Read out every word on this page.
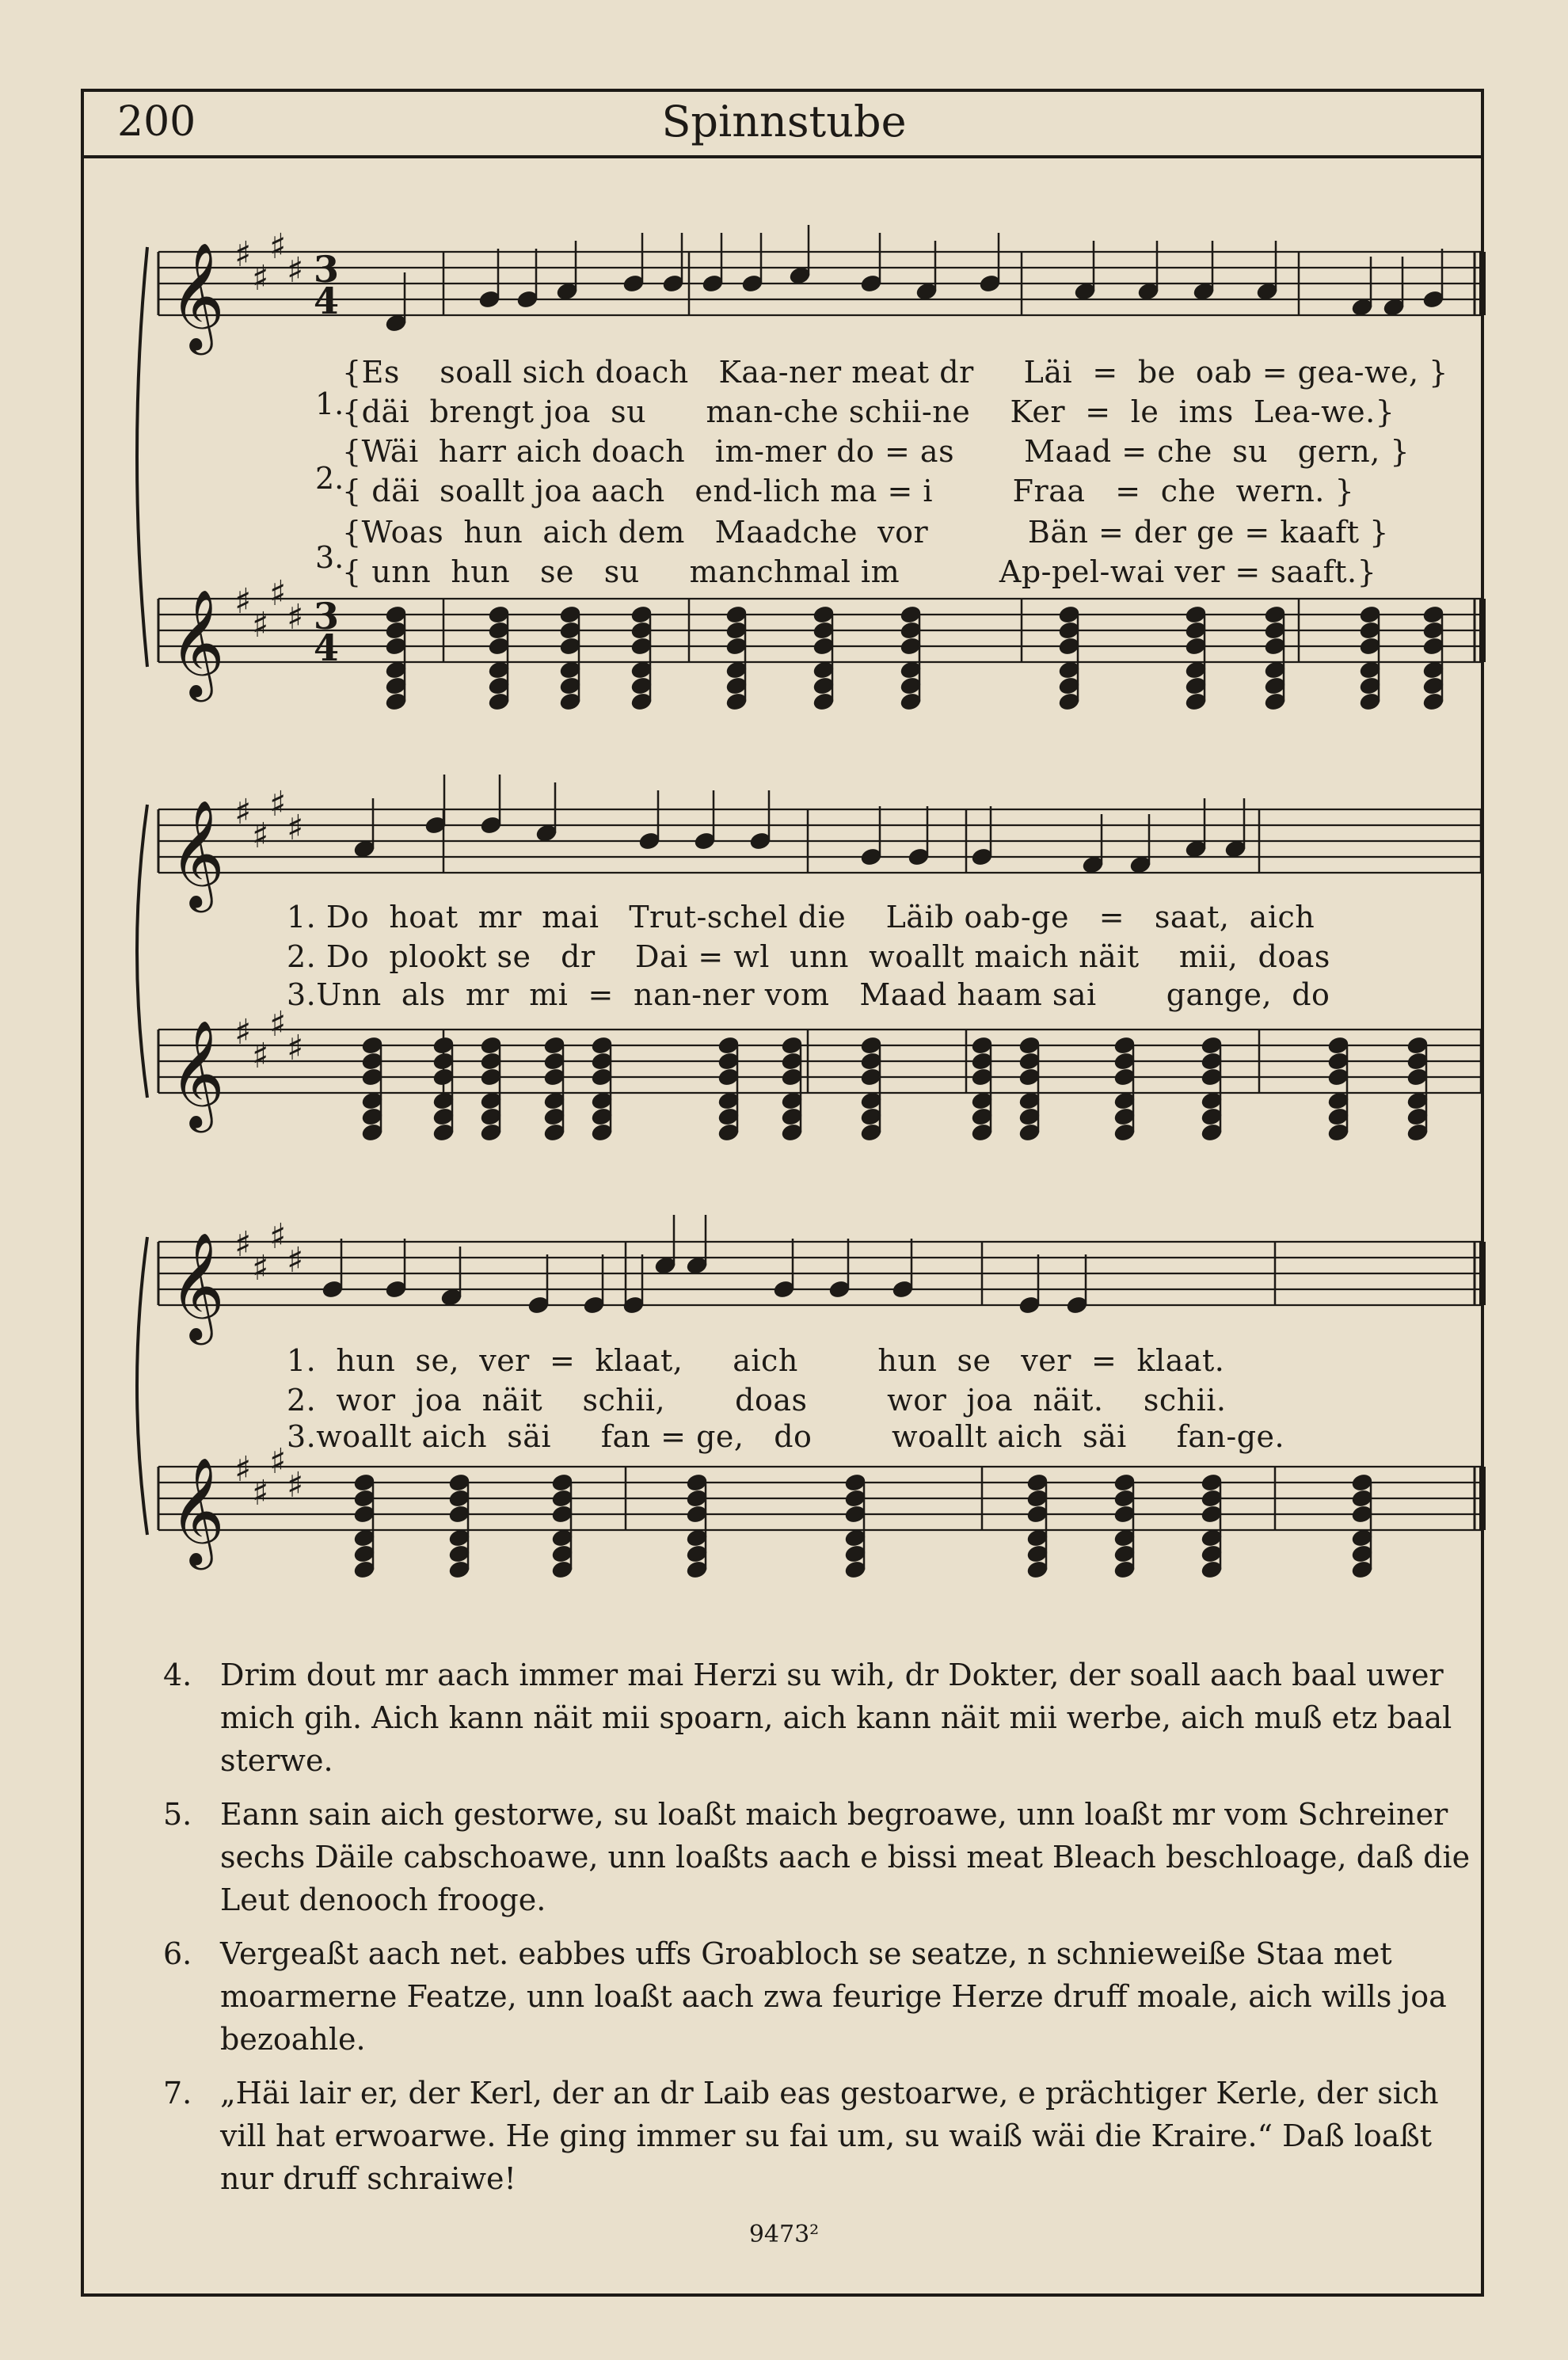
200	Spinnstube
𝄞 ♯
♯
♯
♯ 3
4
𝄞 ♯
♯
♯
♯ 3
4
𝄞 ♯
♯
♯
♯
𝄞 ♯
♯
♯
♯
𝄞 ♯
♯
♯
♯
𝄞 ♯
♯
♯
♯
1.
2.
3.
{Es    soall sich doach   Kaa-ner meat dr     Läi  =  be  oab = gea-we, }
{däi  brengt joa  su      man-che schii-ne    Ker  =  le  ims  Lea-we.}
{Wäi  harr aich doach   im-mer do = as       Maad = che  su   gern, }
{ däi  soallt joa aach   end-lich ma = i        Fraa   =  che  wern. }
{Woas  hun  aich dem   Maadche  vor          Bän = der ge = kaaft }
{ unn  hun   se   su     manchmal im          Ap-pel-wai ver = saaft.}
1. Do  hoat  mr  mai   Trut-schel die    Läib oab-ge   =   saat,  aich
2. Do  plookt se   dr    Dai = wl  unn  woallt maich näit    mii,  doas
3.Unn  als  mr  mi  =  nan-ner vom   Maad haam sai       gange,  do
1.  hun  se,  ver  =  klaat,     aich        hun  se   ver  =  klaat.
2.  wor  joa  näit    schii,       doas        wor  joa  näit.    schii.
3.woallt aich  säi     fan = ge,   do        woallt aich  säi     fan-ge.
4. Drim dout mr aach immer mai Herzi su wih, dr Dokter, der soall aach baal uwer mich gih. Aich kann näit mii spoarn, aich kann näit mii werbe, aich muß etz baal sterwe.
5. Eann sain aich gestorwe, su loaßt maich begroawe, unn loaßt mr vom Schreiner sechs Däile cabschoawe, unn loaßts aach e bissi meat Bleach beschloage, daß die Leut denooch frooge.
6. Vergeaßt aach net. eabbes uffs Groabloch se seatze, n schnieweiße Staa met moarmerne Featze, unn loaßt aach zwa feurige Herze druff moale, aich wills joa bezoahle.
7. „Häi lair er, der Kerl, der an dr Laib eas gestoarwe, e prächtiger Kerle, der sich vill hat erwoarwe. He ging immer su fai um, su waiß wäi die Kraire.“ Daß loaßt nur druff schraiwe!
9473²
